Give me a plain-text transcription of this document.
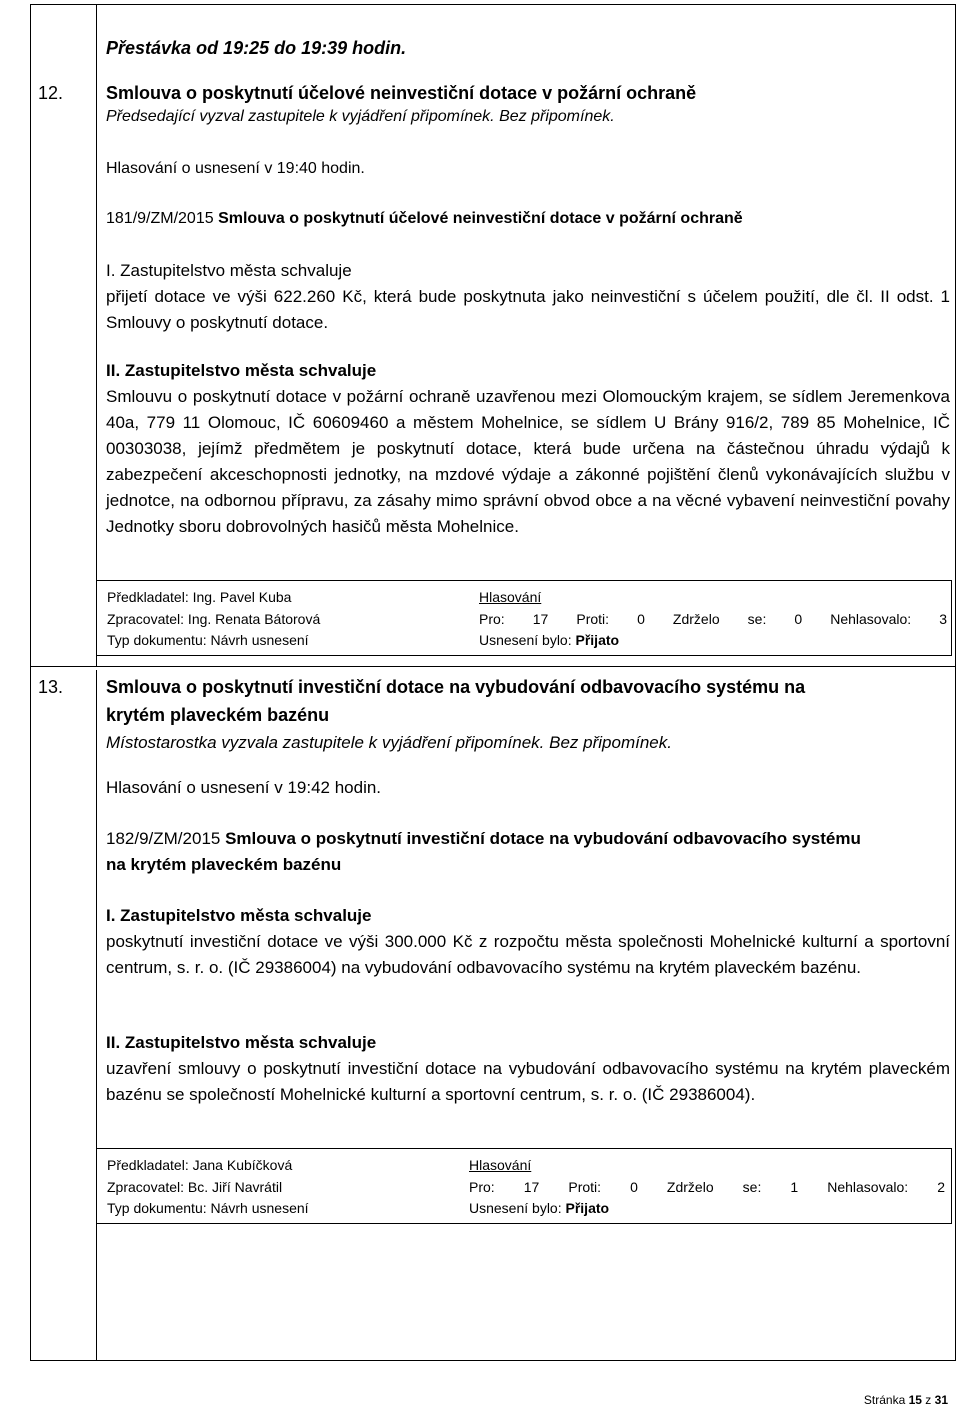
Přestávka od 19:25 do 19:39 hodin.
12. Smlouva o poskytnutí účelové neinvestiční dotace v požární ochraně
Předsedající vyzval zastupitele k vyjádření připomínek. Bez připomínek.
Hlasování o usnesení v 19:40 hodin.
181/9/ZM/2015 Smlouva o poskytnutí účelové neinvestiční dotace v požární ochraně
I. Zastupitelstvo města schvaluje
přijetí dotace ve výši 622.260 Kč, která bude poskytnuta jako neinvestiční s účelem použití, dle čl. II odst. 1 Smlouvy o poskytnutí dotace.
II. Zastupitelstvo města schvaluje
Smlouvu o poskytnutí dotace v požární ochraně uzavřenou mezi Olomouckým krajem, se sídlem Jeremenkova 40a, 779 11 Olomouc, IČ 60609460 a městem Mohelnice, se sídlem U Brány 916/2, 789 85 Mohelnice, IČ 00303038, jejímž předmětem je poskytnutí dotace, která bude určena na částečnou úhradu výdajů k zabezpečení akceschopnosti jednotky, na mzdové výdaje a zákonné pojištění členů vykonávajících službu v jednotce, na odbornou přípravu, za zásahy mimo správní obvod obce a na věcné vybavení neinvestiční povahy Jednotky sboru dobrovolných hasičů města Mohelnice.
Předkladatel: Ing. Pavel Kuba
Zpracovatel: Ing. Renata Bátorová
Typ dokumentu: Návrh usnesení
Hlasování
Pro: 17 Proti: 0 Zdrželo se: 0 Nehlasovalo: 3
Usnesení bylo: Přijato
13. Smlouva o poskytnutí investiční dotace na vybudování odbavovacího systému na
krytém plaveckém bazénu
Místostarostka vyzvala zastupitele k vyjádření připomínek. Bez připomínek.
Hlasování o usnesení v 19:42 hodin.
182/9/ZM/2015 Smlouva o poskytnutí investiční dotace na vybudování odbavovacího systému
na krytém plaveckém bazénu
I. Zastupitelstvo města schvaluje
poskytnutí investiční dotace ve výši 300.000 Kč z rozpočtu města společnosti Mohelnické kulturní a sportovní centrum, s. r. o. (IČ 29386004) na vybudování odbavovacího systému na krytém plaveckém bazénu.
II. Zastupitelstvo města schvaluje
uzavření smlouvy o poskytnutí investiční dotace na vybudování odbavovacího systému na krytém plaveckém bazénu se společností Mohelnické kulturní a sportovní centrum, s. r. o. (IČ 29386004).
Předkladatel: Jana Kubíčková
Zpracovatel: Bc. Jiří Navrátil
Typ dokumentu: Návrh usnesení
Hlasování
Pro: 17 Proti: 0 Zdrželo se: 1 Nehlasovalo: 2
Usnesení bylo: Přijato
Stránka 15 z 31
